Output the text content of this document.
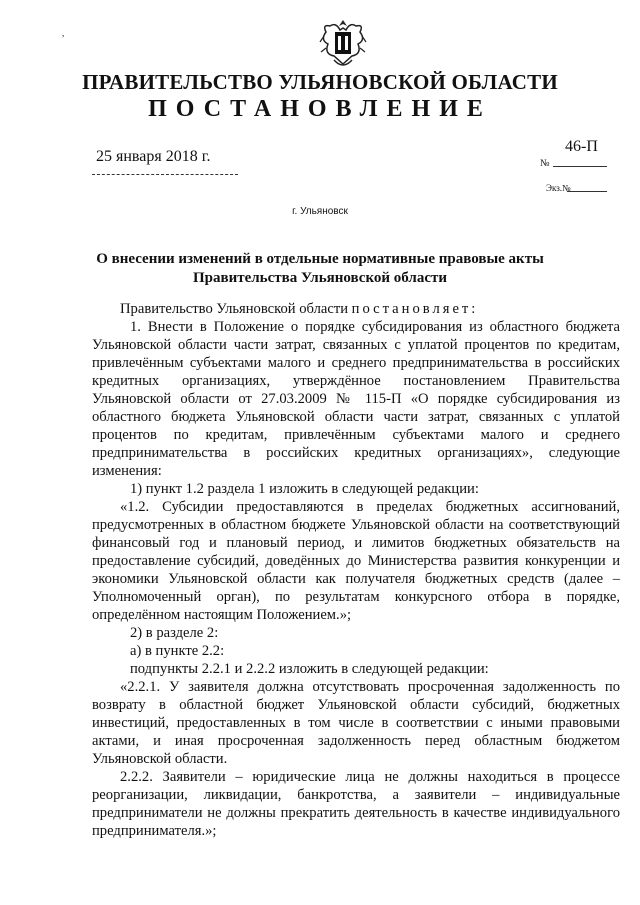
,
ПРАВИТЕЛЬСТВО УЛЬЯНОВСКОЙ ОБЛАСТИ
ПОСТАНОВЛЕНИЕ
25 января 2018 г.
46-П
№
Экз.№
г. Ульяновск
О внесении изменений в отдельные нормативные правовые акты
Правительства Ульяновской области

Правительство Ульяновской области постановляет:

1. Внести в Положение о порядке субсидирования из областного бюджета Ульяновской области части затрат, связанных с уплатой процентов по кредитам, привлечённым субъектами малого и среднего предпринимательства в российских кредитных организациях, утверждённое постановлением Правительства Ульяновской области от 27.03.2009 № 115-П «О порядке субсидирования из областного бюджета Ульяновской области части затрат, связанных с уплатой процентов по кредитам, привлечённым субъектами малого и среднего предпринимательства в российских кредитных организациях», следующие изменения:

1) пункт 1.2 раздела 1 изложить в следующей редакции:

«1.2. Субсидии предоставляются в пределах бюджетных ассигнований, предусмотренных в областном бюджете Ульяновской области на соответствующий финансовый год и плановый период, и лимитов бюджетных обязательств на предоставление субсидий, доведённых до Министерства развития конкуренции и экономики Ульяновской области как получателя бюджетных средств (далее – Уполномоченный орган), по результатам конкурсного отбора в порядке, определённом настоящим Положением.»;

2) в разделе 2:

а) в пункте 2.2:

подпункты 2.2.1 и 2.2.2 изложить в следующей редакции:

«2.2.1. У заявителя должна отсутствовать просроченная задолженность по возврату в областной бюджет Ульяновской области субсидий, бюджетных инвестиций, предоставленных в том числе в соответствии с иными правовыми актами, и иная просроченная задолженность перед областным бюджетом Ульяновской области.

2.2.2. Заявители – юридические лица не должны находиться в процессе реорганизации, ликвидации, банкротства, а заявители – индивидуальные предприниматели не должны прекратить деятельность в качестве индивидуального предпринимателя.»;
